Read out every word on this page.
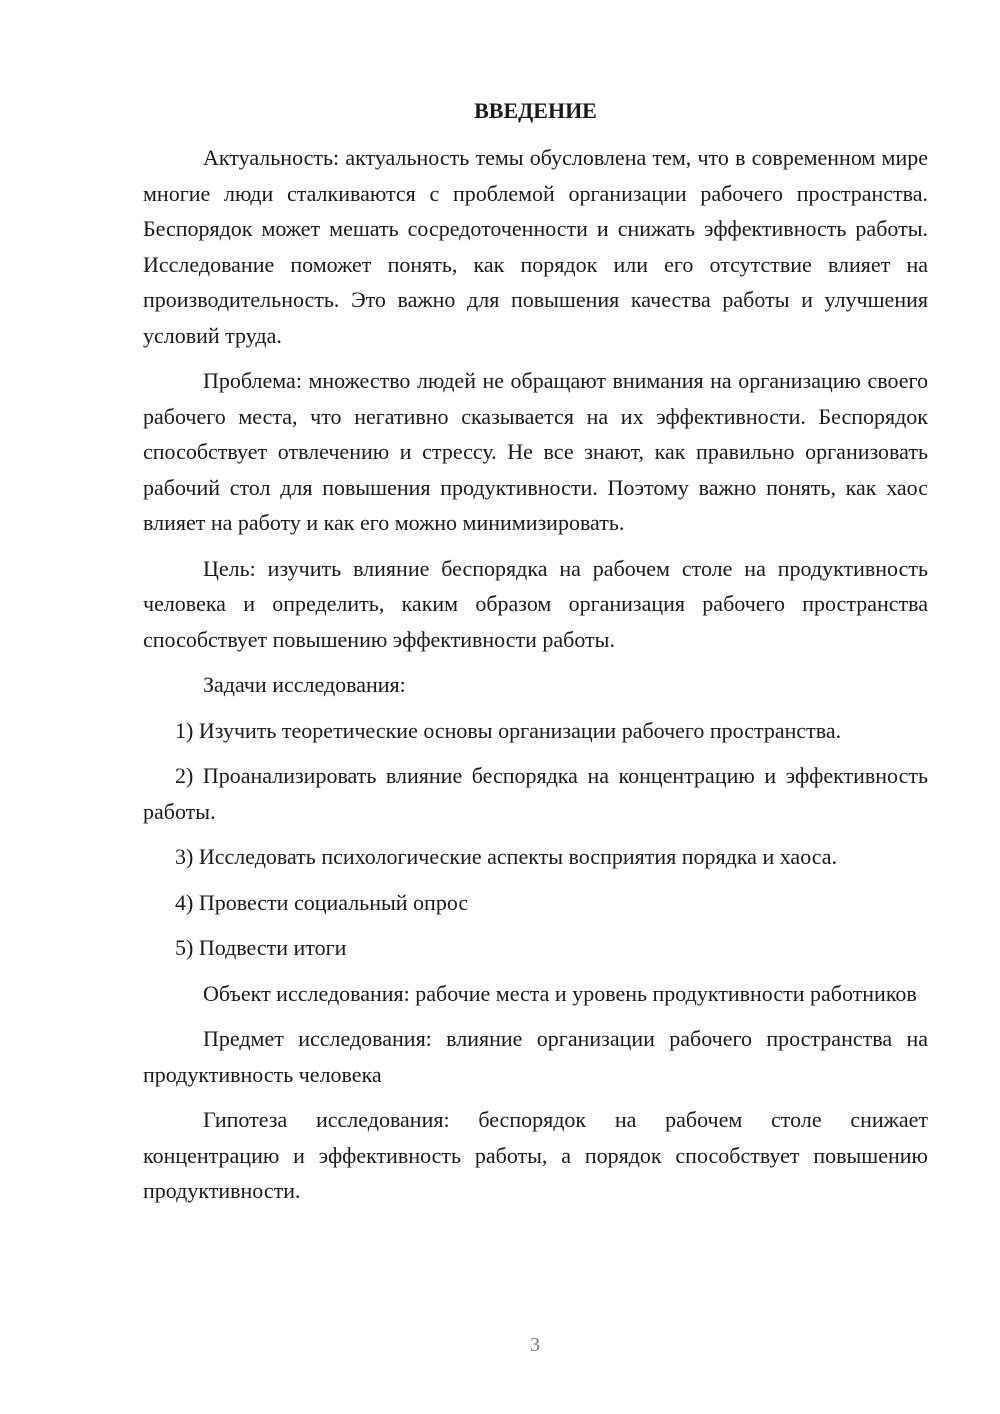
ВВЕДЕНИЕ

Актуальность: актуальность темы обусловлена тем, что в современном мире многие люди сталкиваются с проблемой организации рабочего пространства. Беспорядок может мешать сосредоточенности и снижать эффективность работы. Исследование поможет понять, как порядок или его отсутствие влияет на производительность. Это важно для повышения качества работы и улучшения условий труда.

Проблема: множество людей не обращают внимания на организацию своего рабочего места, что негативно сказывается на их эффективности. Беспорядок способствует отвлечению и стрессу. Не все знают, как правильно организовать рабочий стол для повышения продуктивности. Поэтому важно понять, как хаос влияет на работу и как его можно минимизировать.

Цель: изучить влияние беспорядка на рабочем столе на продуктивность человека и определить, каким образом организация рабочего пространства способствует повышению эффективности работы.

Задачи исследования:

1) Изучить теоретические основы организации рабочего пространства.

2) Проанализировать влияние беспорядка на концентрацию и эффективность работы.

3) Исследовать психологические аспекты восприятия порядка и хаоса.

4) Провести социальный опрос

5) Подвести итоги

Объект исследования: рабочие места и уровень продуктивности работников

Предмет исследования: влияние организации рабочего пространства на продуктивность человека

Гипотеза исследования: беспорядок на рабочем столе снижает концентрацию и эффективность работы, а порядок способствует повышению продуктивности.

3
